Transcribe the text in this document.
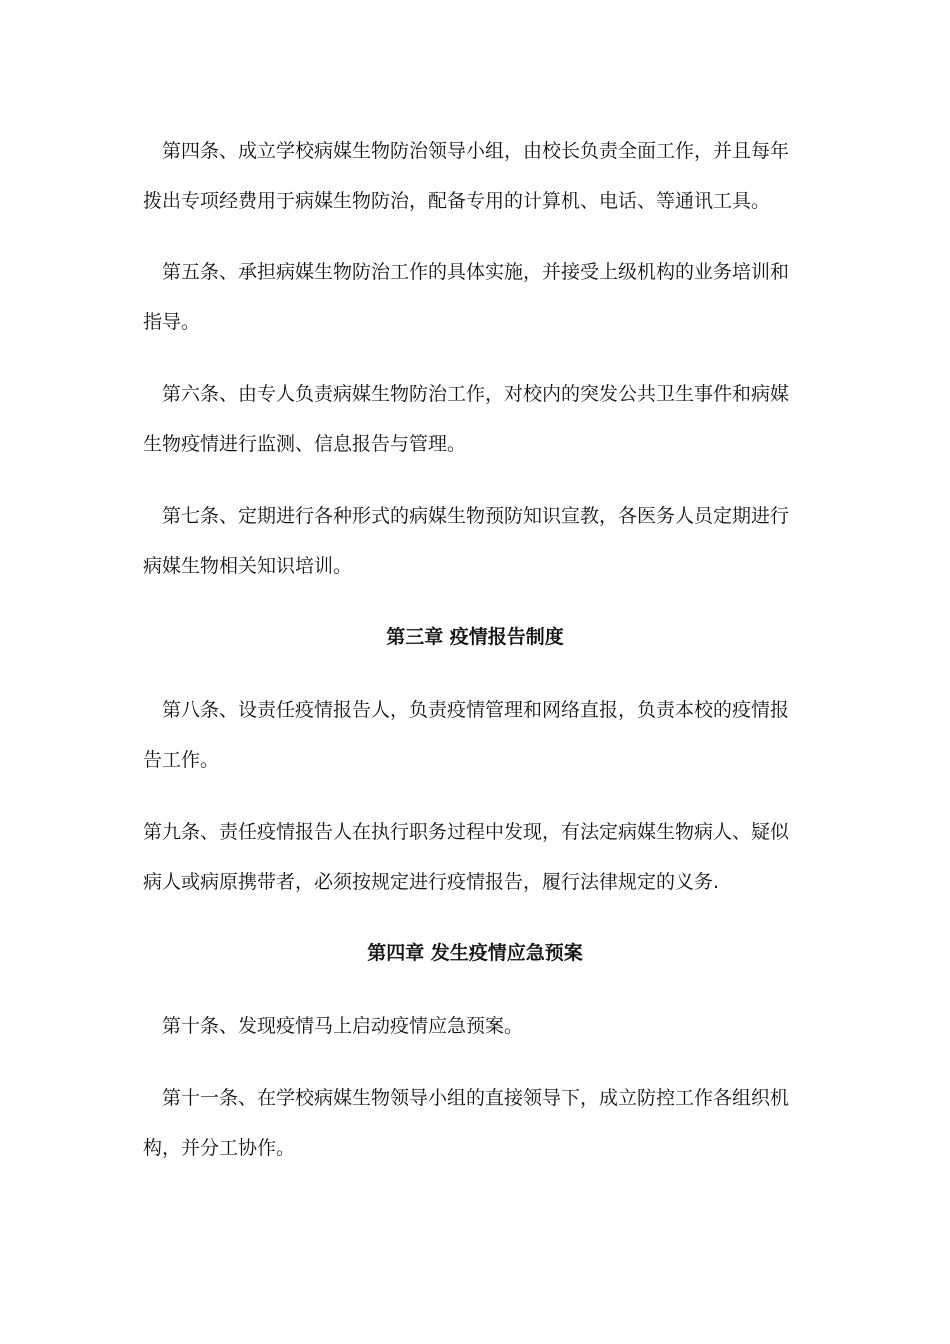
　第四条、成立学校病媒生物防治领导小组，由校长负责全面工作，并且每年
拨出专项经费用于病媒生物防治，配备专用的计算机、电话、等通讯工具。

　第五条、承担病媒生物防治工作的具体实施，并接受上级机构的业务培训和
指导。

　第六条、由专人负责病媒生物防治工作，对校内的突发公共卫生事件和病媒
生物疫情进行监测、信息报告与管理。

　第七条、定期进行各种形式的病媒生物预防知识宣教，各医务人员定期进行
病媒生物相关知识培训。

第三章 疫情报告制度

　第八条、设责任疫情报告人，负责疫情管理和网络直报，负责本校的疫情报
告工作。

第九条、责任疫情报告人在执行职务过程中发现，有法定病媒生物病人、疑似
病人或病原携带者，必须按规定进行疫情报告，履行法律规定的义务.

第四章 发生疫情应急预案

　第十条、发现疫情马上启动疫情应急预案。

　第十一条、在学校病媒生物领导小组的直接领导下，成立防控工作各组织机
构，并分工协作。
